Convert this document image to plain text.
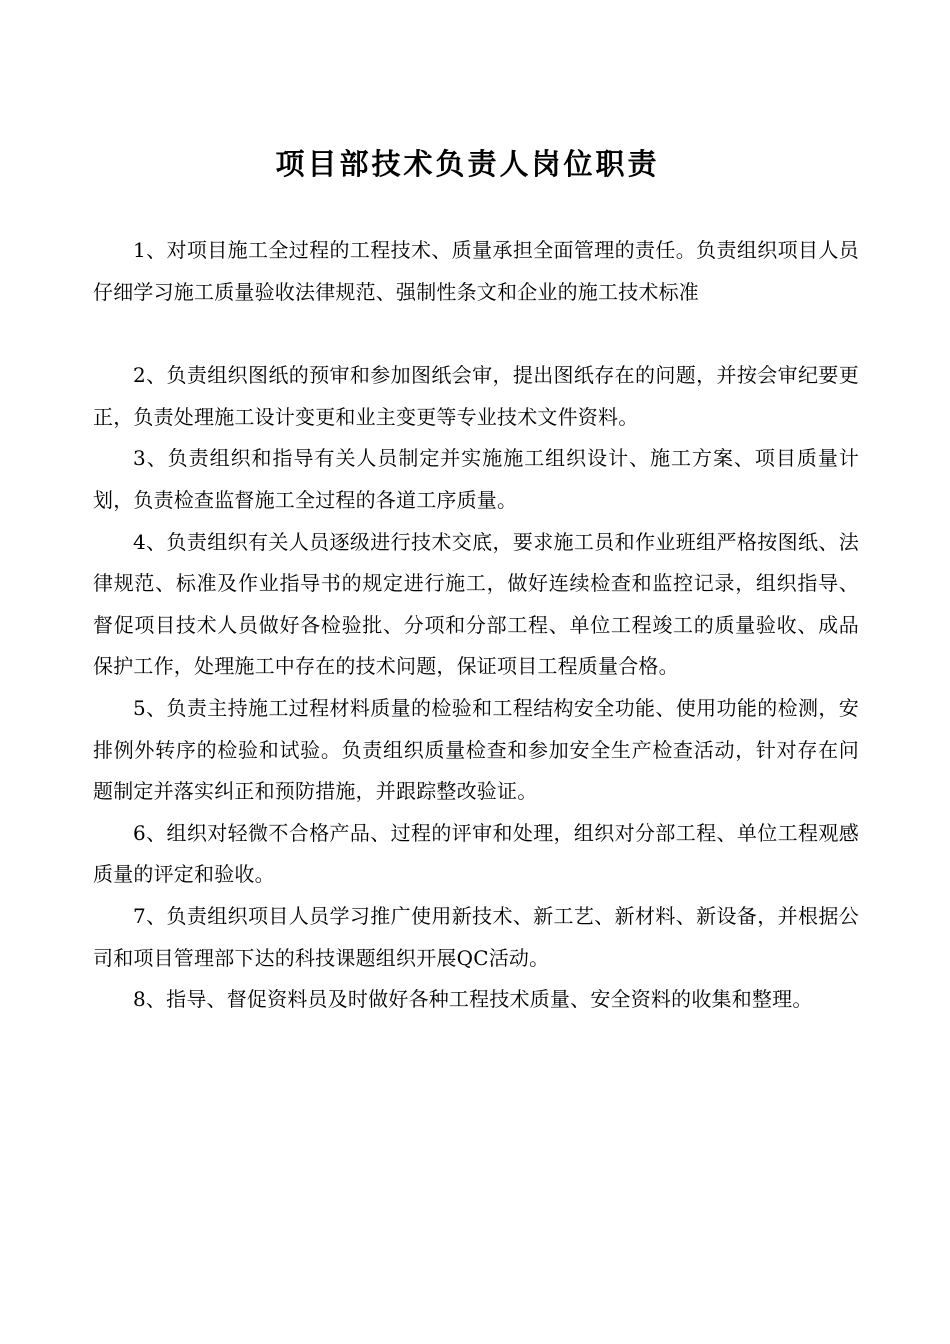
项目部技术负责人岗位职责

1、对项目施工全过程的工程技术、质量承担全面管理的责任。负责组织项目人员仔细学习施工质量验收法律规范、强制性条文和企业的施工技术标准

2、负责组织图纸的预审和参加图纸会审，提出图纸存在的问题，并按会审纪要更正，负责处理施工设计变更和业主变更等专业技术文件资料。

3、负责组织和指导有关人员制定并实施施工组织设计、施工方案、项目质量计划，负责检查监督施工全过程的各道工序质量。

4、负责组织有关人员逐级进行技术交底，要求施工员和作业班组严格按图纸、法律规范、标准及作业指导书的规定进行施工，做好连续检查和监控记录，组织指导、督促项目技术人员做好各检验批、分项和分部工程、单位工程竣工的质量验收、成品保护工作，处理施工中存在的技术问题，保证项目工程质量合格。

5、负责主持施工过程材料质量的检验和工程结构安全功能、使用功能的检测，安排例外转序的检验和试验。负责组织质量检查和参加安全生产检查活动，针对存在问题制定并落实纠正和预防措施，并跟踪整改验证。

6、组织对轻微不合格产品、过程的评审和处理，组织对分部工程、单位工程观感质量的评定和验收。

7、负责组织项目人员学习推广使用新技术、新工艺、新材料、新设备，并根据公司和项目管理部下达的科技课题组织开展QC活动。

8、指导、督促资料员及时做好各种工程技术质量、安全资料的收集和整理。
